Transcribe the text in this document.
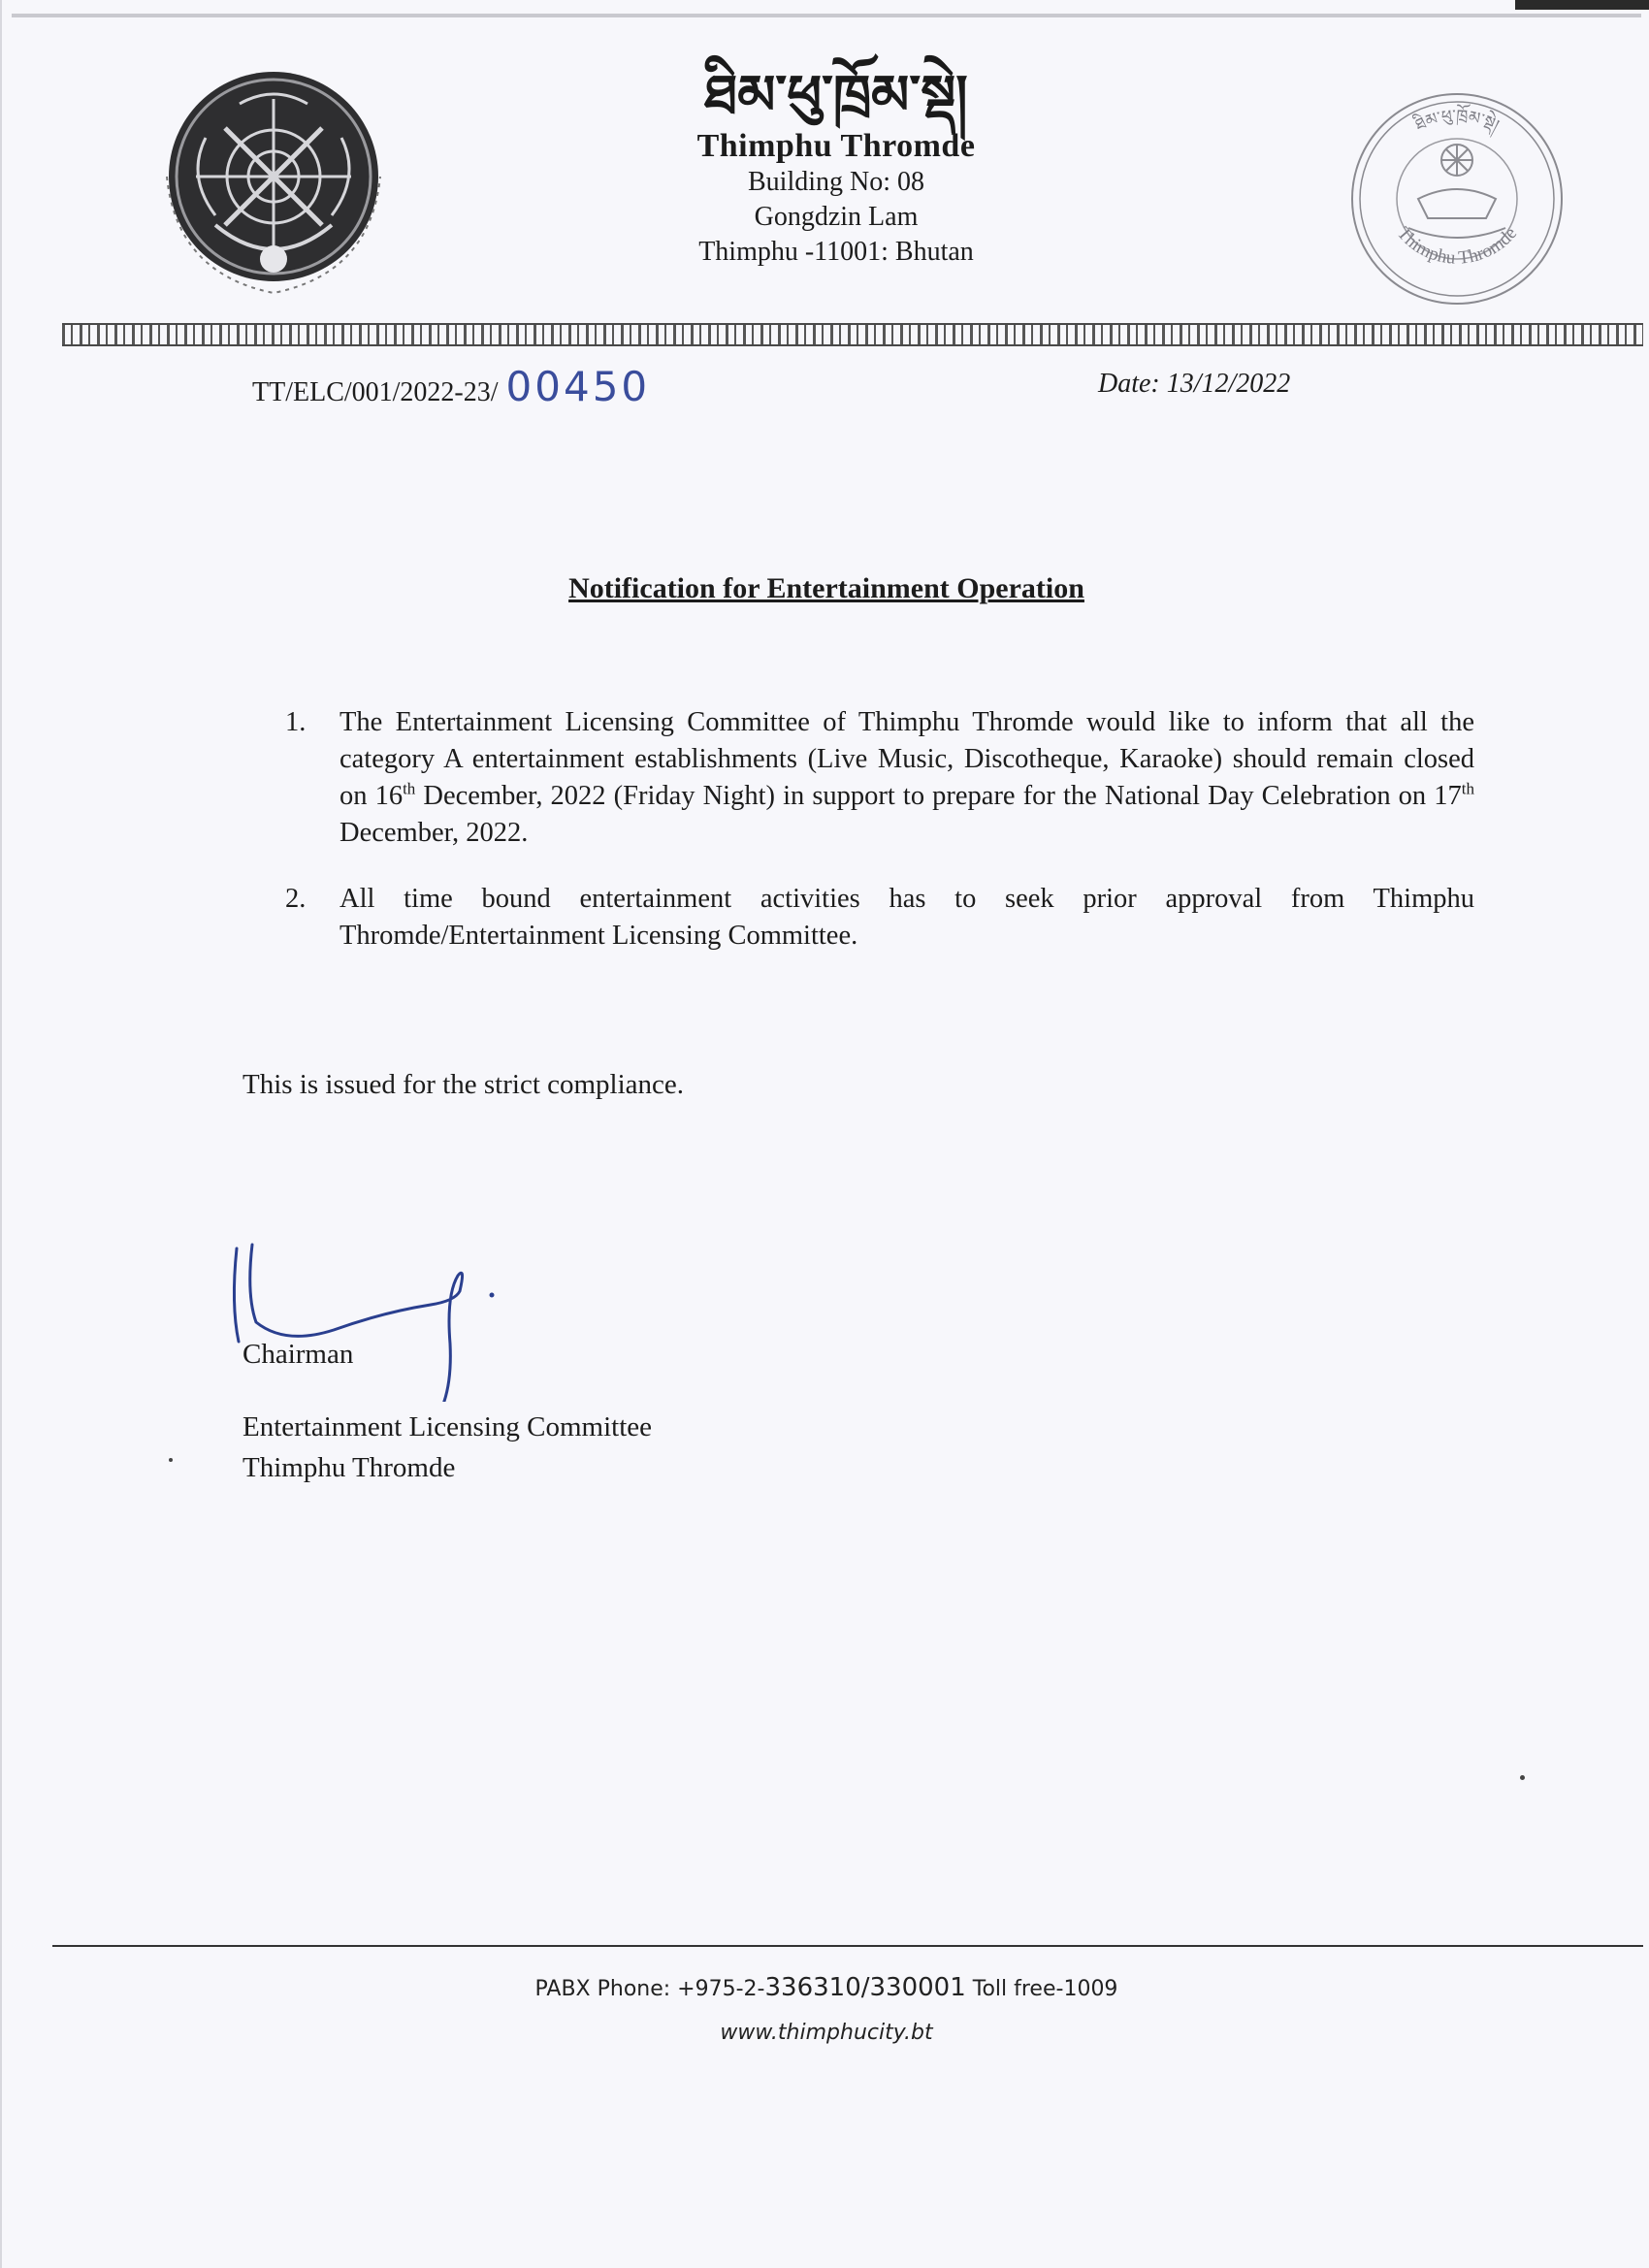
ཐིམ་ཕུ་ཁྲོམ་སྡེ།
Thimphu Thromde
Building No: 08
Gongdzin Lam
Thimphu -11001: Bhutan
ཐིམ་ཕུ་ཁྲོམ་སྡེ།
Thimphu Thromde
TT/ELC/001/2022-23/ 00450	Date: 13/12/2022
Notification for Entertainment Operation
1.	The Entertainment Licensing Committee of Thimphu Thromde would like to inform that all the category A entertainment establishments (Live Music, Discotheque, Karaoke) should remain closed on 16th December, 2022 (Friday Night) in support to prepare for the National Day Celebration on 17th December, 2022.
2.	All time bound entertainment activities has to seek prior approval from Thimphu Thromde/Entertainment Licensing Committee.
This is issued for the strict compliance.
Chairman
Entertainment Licensing Committee
Thimphu Thromde
PABX Phone: +975-2-336310/330001 Toll free-1009
www.thimphucity.bt
